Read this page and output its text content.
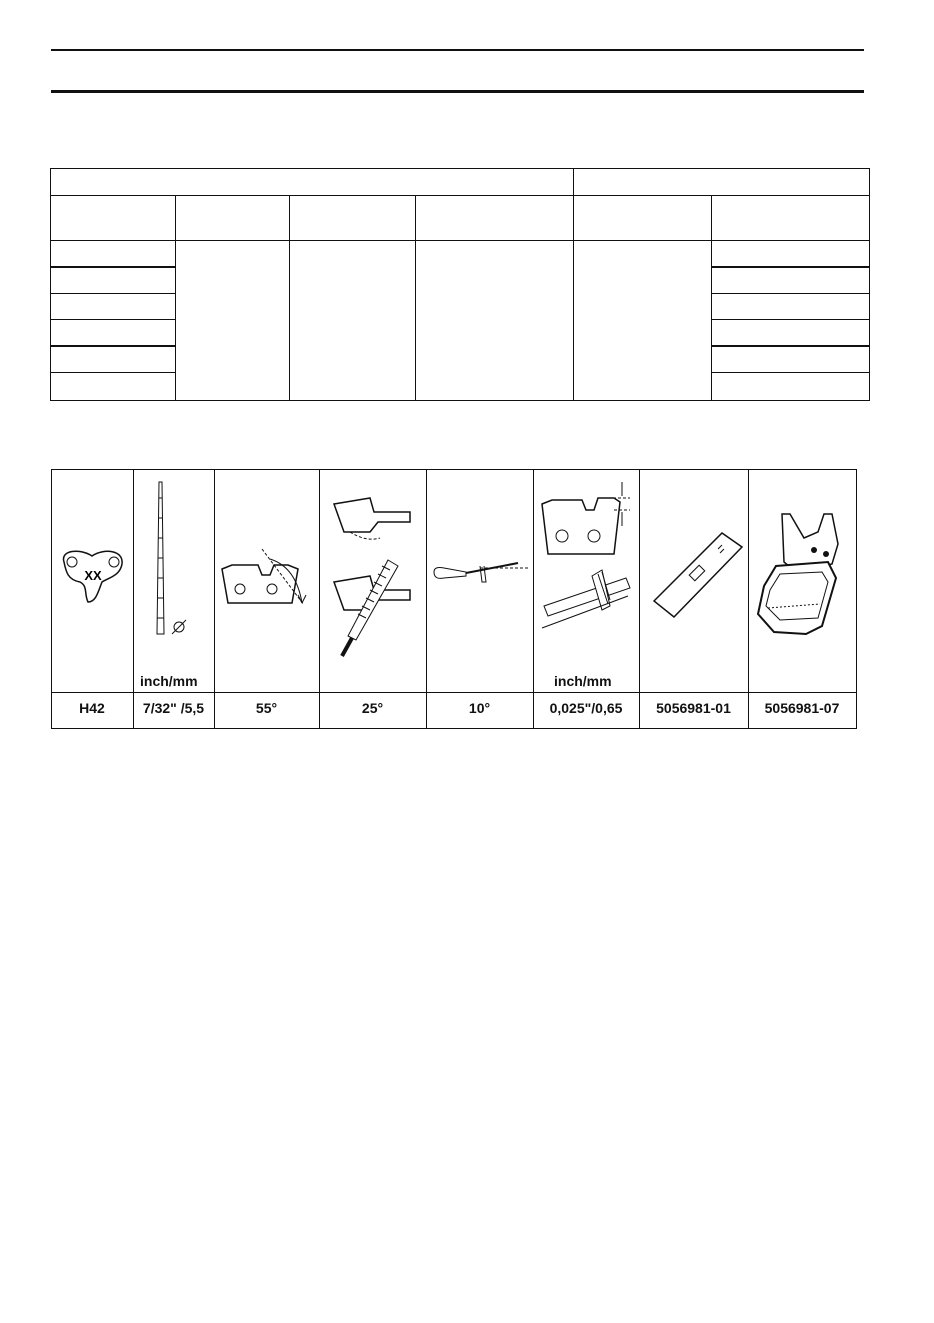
XX
inch/mm	inch/mm
H42	7/32" /5,5	55°	25°	10°	0,025"/0,65	5056981-01	5056981-07
